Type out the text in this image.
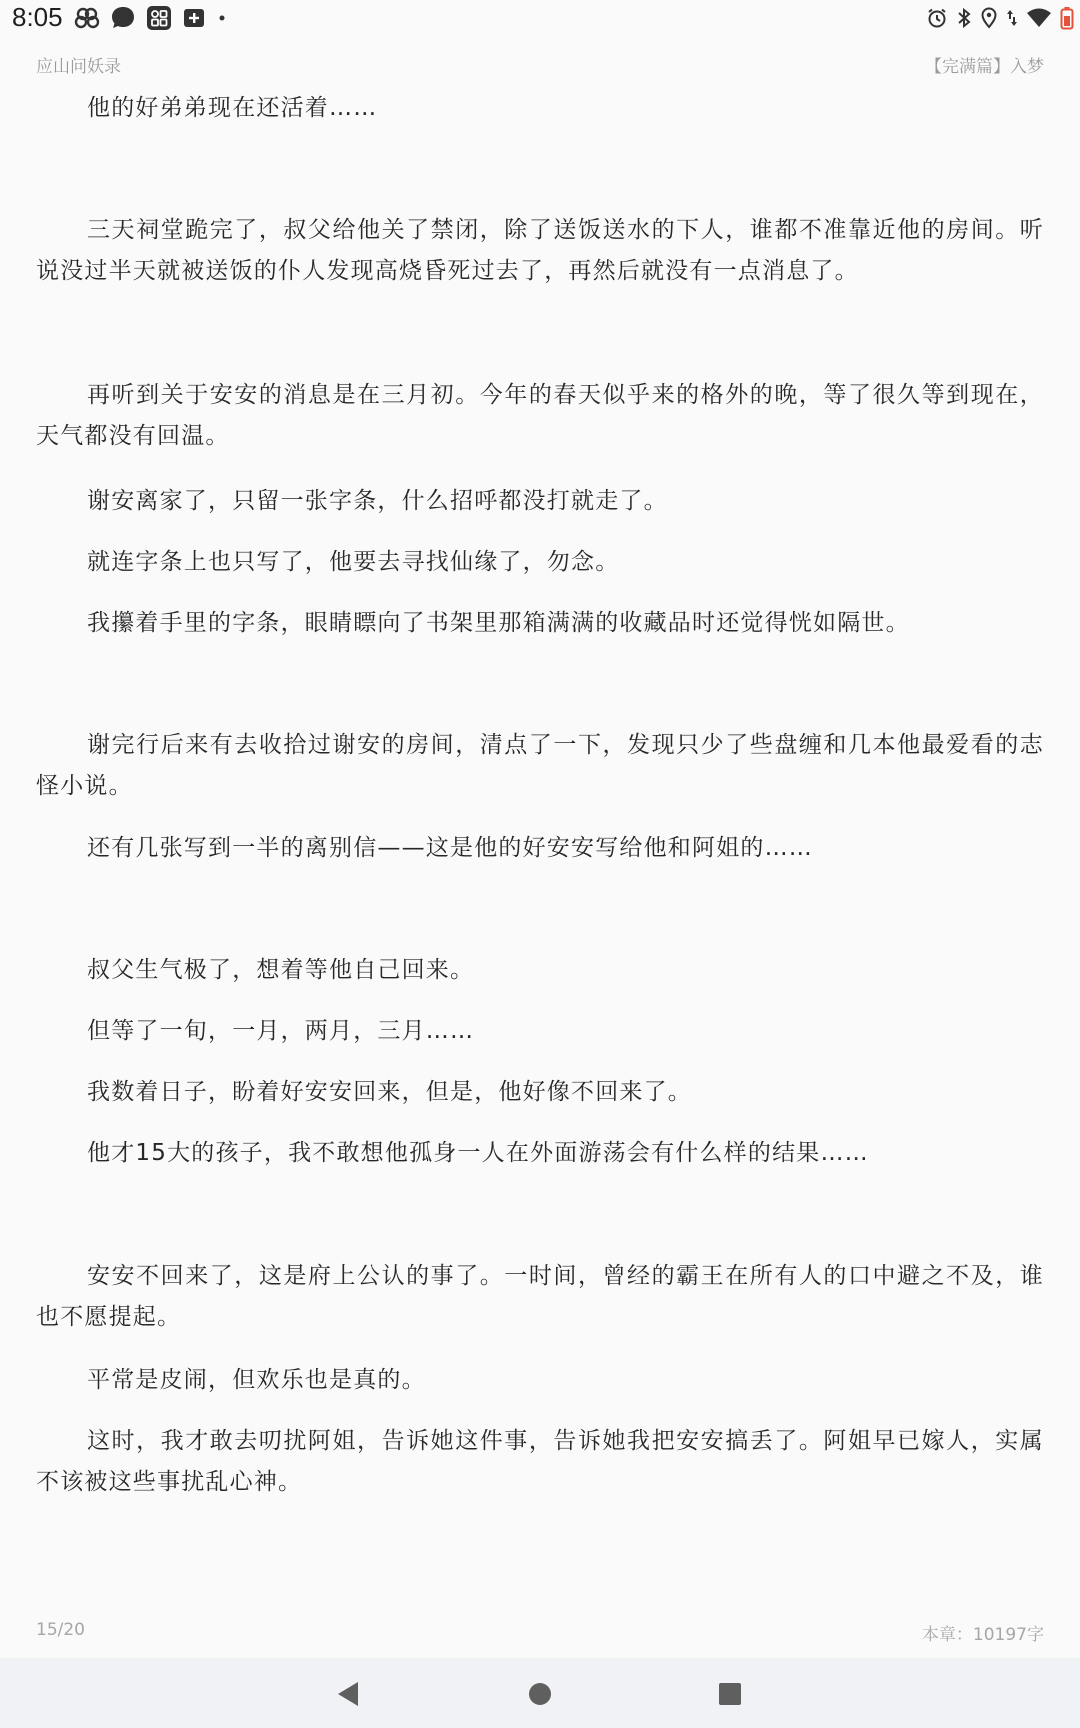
8:05
应山问妖录	【完满篇】入梦

他的好弟弟现在还活着……

三天祠堂跪完了，叔父给他关了禁闭，除了送饭送水的下人，谁都不准靠近他的房间。听说没过半天就被送饭的仆人发现高烧昏死过去了，再然后就没有一点消息了。

再听到关于安安的消息是在三月初。今年的春天似乎来的格外的晚，等了很久等到现在，天气都没有回温。

谢安离家了，只留一张字条，什么招呼都没打就走了。

就连字条上也只写了，他要去寻找仙缘了，勿念。

我攥着手里的字条，眼睛瞟向了书架里那箱满满的收藏品时还觉得恍如隔世。

谢完行后来有去收拾过谢安的房间，清点了一下，发现只少了些盘缠和几本他最爱看的志怪小说。

还有几张写到一半的离别信——这是他的好安安写给他和阿姐的……

叔父生气极了，想着等他自己回来。

但等了一旬，一月，两月，三月……

我数着日子，盼着好安安回来，但是，他好像不回来了。

他才15大的孩子，我不敢想他孤身一人在外面游荡会有什么样的结果……

安安不回来了，这是府上公认的事了。一时间，曾经的霸王在所有人的口中避之不及，谁也不愿提起。

平常是皮闹，但欢乐也是真的。

这时，我才敢去叨扰阿姐，告诉她这件事，告诉她我把安安搞丢了。阿姐早已嫁人，实属不该被这些事扰乱心神。

15/20	本章：10197字
